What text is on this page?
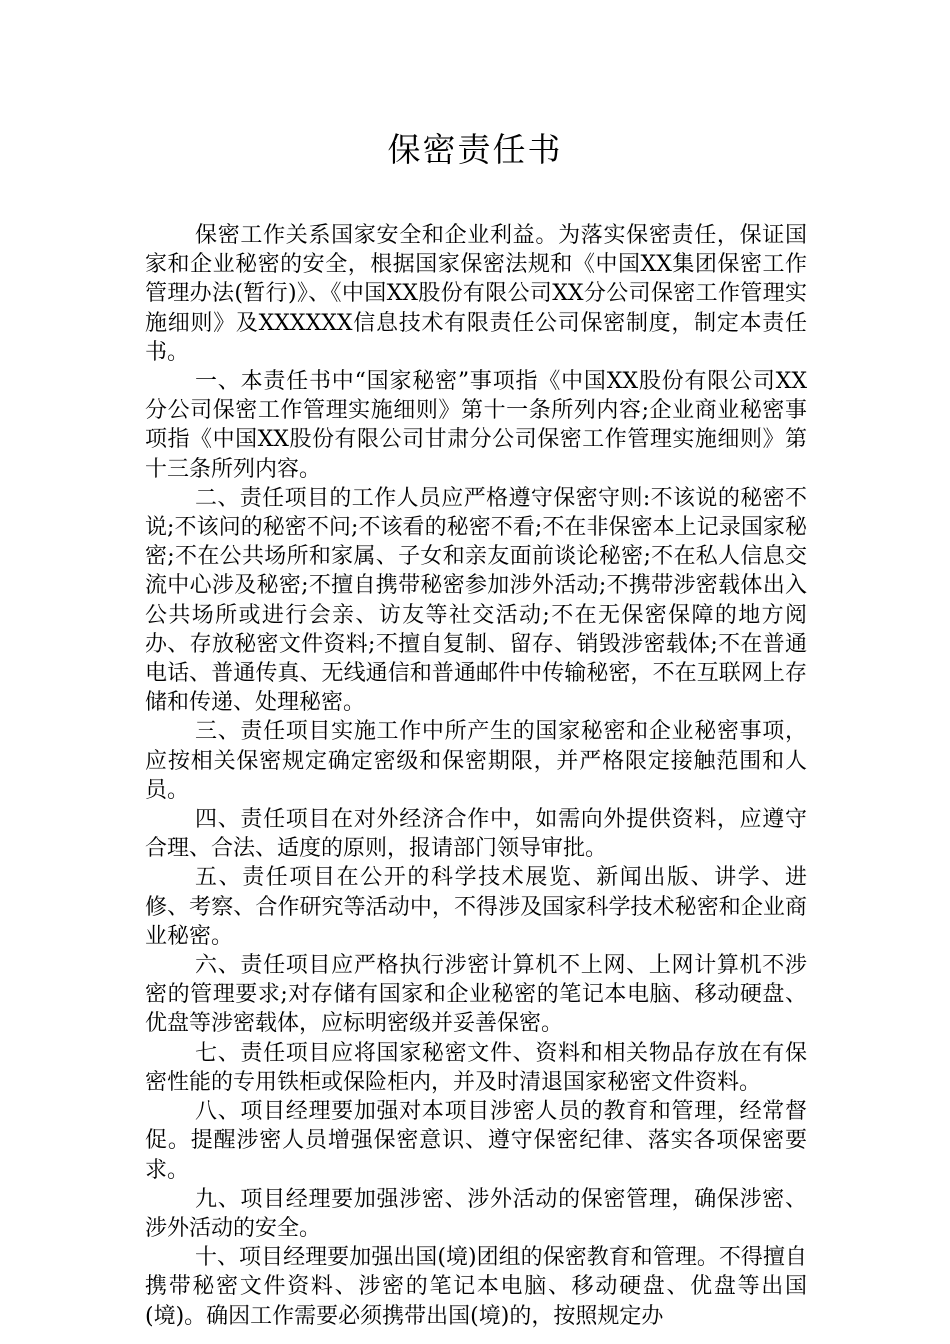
保密责任书

保密工作关系国家安全和企业利益。为落实保密责任，保证国家和企业秘密的安全，根据国家保密法规和《中国XX集团保密工作管理办法(暂行)》、《中国XX股份有限公司XX分公司保密工作管理实施细则》及XXXXXX信息技术有限责任公司保密制度，制定本责任书。

一、本责任书中“国家秘密”事项指《中国XX股份有限公司XX分公司保密工作管理实施细则》第十一条所列内容;企业商业秘密事项指《中国XX股份有限公司甘肃分公司保密工作管理实施细则》第十三条所列内容。

二、责任项目的工作人员应严格遵守保密守则:不该说的秘密不说;不该问的秘密不问;不该看的秘密不看;不在非保密本上记录国家秘密;不在公共场所和家属、子女和亲友面前谈论秘密;不在私人信息交流中心涉及秘密;不擅自携带秘密参加涉外活动;不携带涉密载体出入公共场所或进行会亲、访友等社交活动;不在无保密保障的地方阅办、存放秘密文件资料;不擅自复制、留存、销毁涉密载体;不在普通电话、普通传真、无线通信和普通邮件中传输秘密，不在互联网上存储和传递、处理秘密。

三、责任项目实施工作中所产生的国家秘密和企业秘密事项，应按相关保密规定确定密级和保密期限，并严格限定接触范围和人员。

四、责任项目在对外经济合作中，如需向外提供资料，应遵守合理、合法、适度的原则，报请部门领导审批。

五、责任项目在公开的科学技术展览、新闻出版、讲学、进修、考察、合作研究等活动中，不得涉及国家科学技术秘密和企业商业秘密。

六、责任项目应严格执行涉密计算机不上网、上网计算机不涉密的管理要求;对存储有国家和企业秘密的笔记本电脑、移动硬盘、优盘等涉密载体，应标明密级并妥善保密。

七、责任项目应将国家秘密文件、资料和相关物品存放在有保密性能的专用铁柜或保险柜内，并及时清退国家秘密文件资料。

八、项目经理要加强对本项目涉密人员的教育和管理，经常督促。提醒涉密人员增强保密意识、遵守保密纪律、落实各项保密要求。

九、项目经理要加强涉密、涉外活动的保密管理，确保涉密、涉外活动的安全。

十、项目经理要加强出国(境)团组的保密教育和管理。不得擅自携带秘密文件资料、涉密的笔记本电脑、移动硬盘、优盘等出国(境)。确因工作需要必须携带出国(境)的，按照规定办
